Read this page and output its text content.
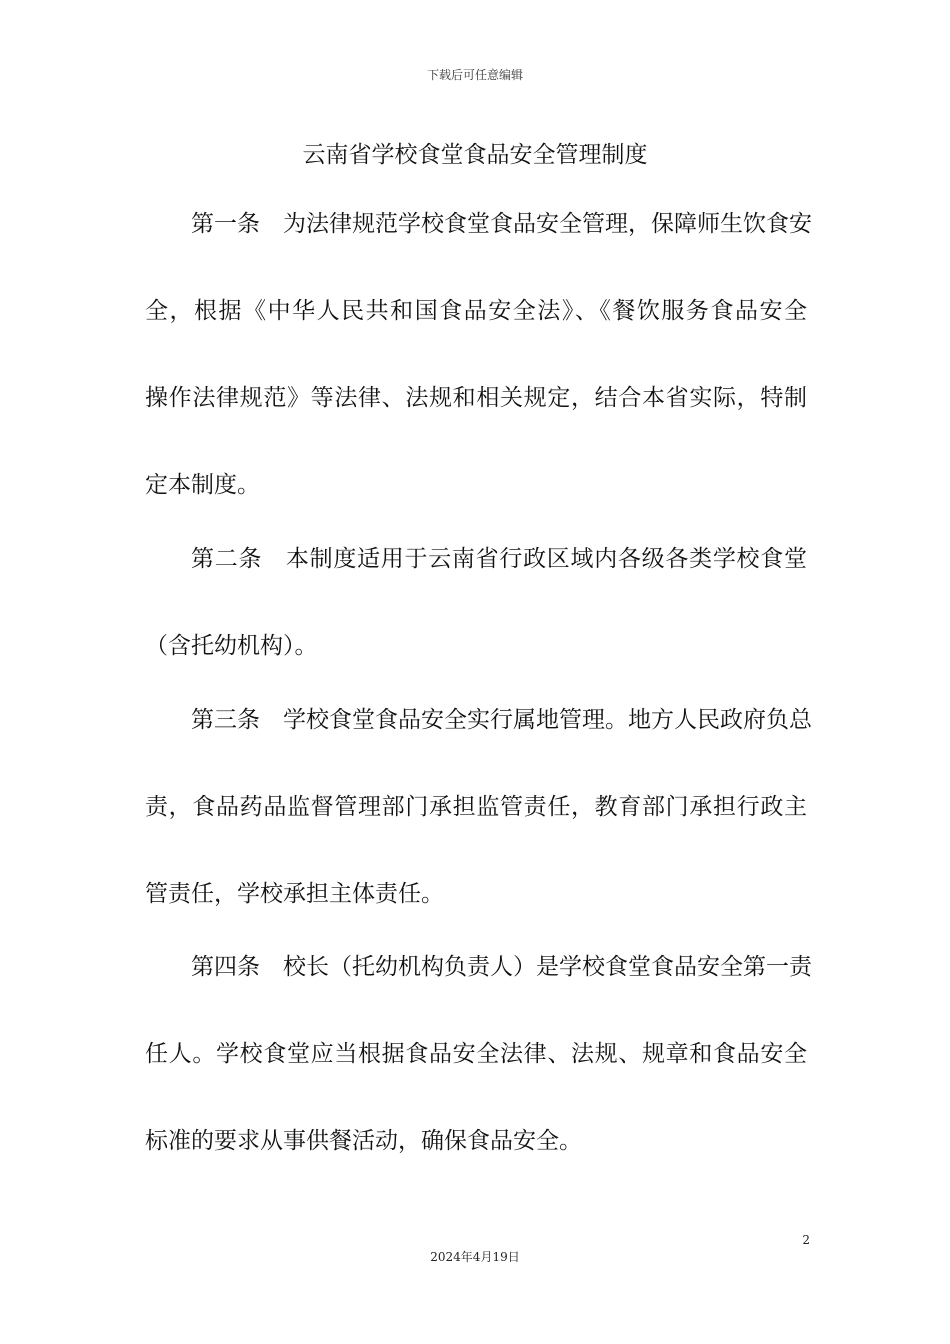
下载后可任意编辑
云南省学校食堂食品安全管理制度
第一条　为法律规范学校食堂食品安全管理，保障师生饮食安
全，根据《中华人民共和国食品安全法》、《餐饮服务食品安全
操作法律规范》等法律、法规和相关规定，结合本省实际，特制
定本制度。
第二条　本制度适用于云南省行政区域内各级各类学校食堂
（含托幼机构）。
第三条　学校食堂食品安全实行属地管理。地方人民政府负总
责，食品药品监督管理部门承担监管责任，教育部门承担行政主
管责任，学校承担主体责任。
第四条　校长（托幼机构负责人）是学校食堂食品安全第一责
任人。学校食堂应当根据食品安全法律、法规、规章和食品安全
标准的要求从事供餐活动，确保食品安全。
2
2024年4月19日
